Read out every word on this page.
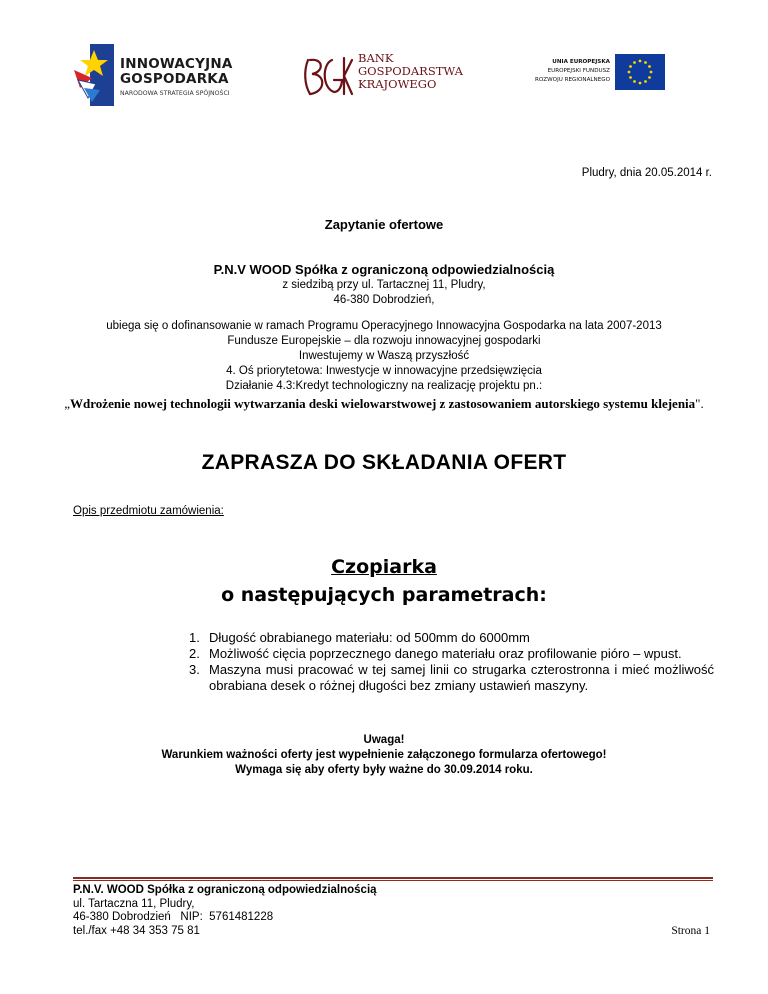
INNOWACYJNA
GOSPODARKA
NARODOWA STRATEGIA SPÓJNOŚCI
BANK
GOSPODARSTWA
KRAJOWEGO
UNIA EUROPEJSKA
EUROPEJSKI FUNDUSZ
ROZWOJU REGIONALNEGO
Pludry, dnia 20.05.2014 r.
Zapytanie ofertowe
P.N.V WOOD Spółka z ograniczoną odpowiedzialnością
z siedzibą przy ul. Tartacznej 11, Pludry,
46-380 Dobrodzień,
ubiega się o dofinansowanie w ramach Programu Operacyjnego Innowacyjna Gospodarka na lata 2007-2013
Fundusze Europejskie – dla rozwoju innowacyjnej gospodarki
Inwestujemy w Waszą przyszłość
4. Oś priorytetowa: Inwestycje w innowacyjne przedsięwzięcia
Działanie 4.3:Kredyt technologiczny na realizację projektu pn.:
„Wdrożenie nowej technologii wytwarzania deski wielowarstwowej z zastosowaniem autorskiego systemu klejenia".
ZAPRASZA DO SKŁADANIA OFERT
Opis przedmiotu zamówienia:
Czopiarka
o następujących parametrach:
1. Długość obrabianego materiału: od 500mm do 6000mm
2. Możliwość cięcia poprzecznego danego materiału oraz profilowanie pióro – wpust.
3. Maszyna musi pracować w tej samej linii co strugarka czterostronna i mieć możliwość obrabiana desek o różnej długości bez zmiany ustawień maszyny.
Uwaga!
Warunkiem ważności oferty jest wypełnienie załączonego formularza ofertowego!
Wymaga się aby oferty były ważne do 30.09.2014 roku.
P.N.V. WOOD Spółka z ograniczoną odpowiedzialnością
ul. Tartaczna 11, Pludry,
46-380 Dobrodzień   NIP:  5761481228
tel./fax +48 34 353 75 81	Strona 1
